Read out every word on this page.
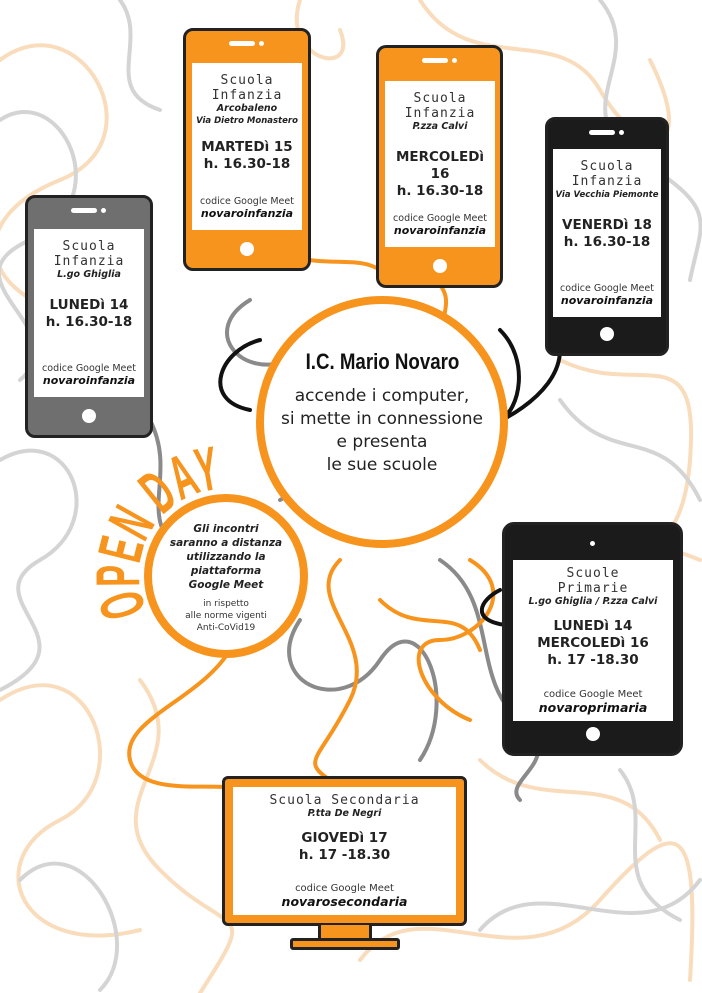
Scuola
Infanzia
L.go Ghiglia
LUNEDì 14
h. 16.30-18
codice Google Meet
novaroinfanzia
Scuola
Infanzia
Arcobaleno
Via Dietro Monastero
MARTEDì 15
h. 16.30-18
codice Google Meet
novaroinfanzia
Scuola
Infanzia
P.zza Calvi
MERCOLEDì 16
h. 16.30-18
codice Google Meet
novaroinfanzia
Scuola
Infanzia
Via Vecchia Piemonte
VENERDì 18
h. 16.30-18
codice Google Meet
novaroinfanzia
Scuole
Primarie
L.go Ghiglia / P.zza Calvi
LUNEDì 14
MERCOLEDì 16
h. 17 -18.30
codice Google Meet
novaroprimaria
Scuola Secondaria
P.tta De Negri
GIOVEDì 17
h. 17 -18.30
codice Google Meet
novarosecondaria
I.C. Mario Novaro
accende i computer,
si mette in connessione
e presenta
le sue scuole
Gli incontri
saranno a distanza
utilizzando la
piattaforma
Google Meet
in rispetto
alle norme vigenti
Anti-CoVid19
OPEN DAY
